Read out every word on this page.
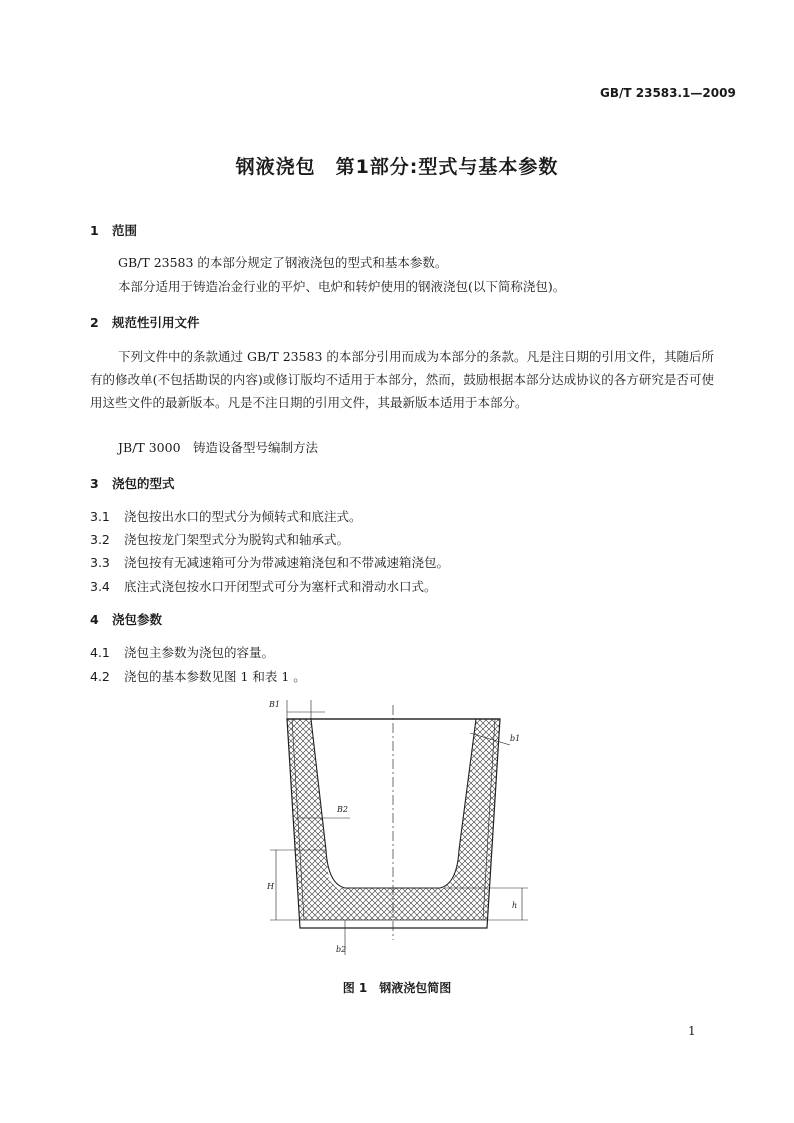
GB/T 23583.1—2009
钢液浇包　第1部分:型式与基本参数
1 范围
GB/T 23583 的本部分规定了钢液浇包的型式和基本参数。
本部分适用于铸造冶金行业的平炉、电炉和转炉使用的钢液浇包(以下简称浇包)。
2 规范性引用文件
下列文件中的条款通过 GB/T 23583 的本部分引用而成为本部分的条款。凡是注日期的引用文件，其随后所有的修改单(不包括勘误的内容)或修订版均不适用于本部分，然而，鼓励根据本部分达成协议的各方研究是否可使用这些文件的最新版本。凡是不注日期的引用文件，其最新版本适用于本部分。
JB/T 3000　铸造设备型号编制方法
3 浇包的型式
3.1 浇包按出水口的型式分为倾转式和底注式。
3.2 浇包按龙门架型式分为脱钩式和轴承式。
3.3 浇包按有无减速箱可分为带减速箱浇包和不带减速箱浇包。
3.4 底注式浇包按水口开闭型式可分为塞杆式和滑动水口式。
4 浇包参数
4.1 浇包主参数为浇包的容量。
4.2 浇包的基本参数见图 1 和表 1 。
B1
b1
B2
H
h
b2
图 1　钢液浇包简图
1
